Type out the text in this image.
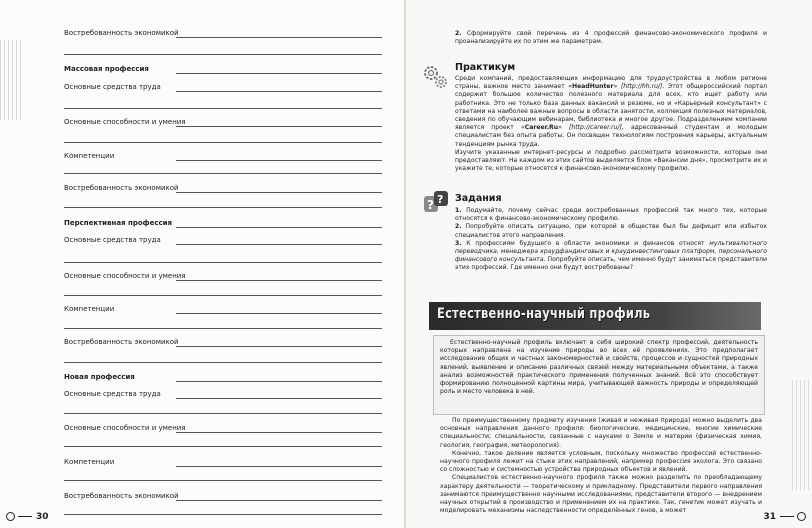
Востребованность экономикой
Массовая профессия
Основные средства труда
Основные способности и умения
Компетенции
Востребованность экономикой
Перспективная профессия
Основные средства труда
Основные способности и умения
Компетенции
Востребованность экономикой
Новая профессия
Основные средства труда
Основные способности и умения
Компетенции
Востребованность экономикой
30
2. Сформируйте свой перечень из 4 профессий финансово-экономического профиля и проанализируйте их по этим же параметрам.
Практикум
Среди компаний, предоставляющих информацию для трудоустройства в любом регионе страны, важное место занимает «HeadHunter» [http://hh.ru/]. Этот общероссийский портал содержит большое количество полезного материала для всех, кто ищет работу или работника. Это не только база данных вакансий и резюме, но и «Карьерный консультант» с ответами на наиболее важные вопросы в области занятости, коллекция полезных материалов, сведения по обучающим вебинарам, библиотека и многое другое. Подразделением компании является проект «Career.Ru» [http://career.ru/], адресованный студентам и молодым специалистам без опыта работы. Он посвящен технологиям построения карьеры, актуальным тенденциям рынка труда.
Изучите указанные интернет-ресурсы и подробно рассмотрите возможности, которые они предоставляют. На каждом из этих сайтов выделяется блок «Вакансии дня», просмотрите их и укажите те, которые относятся к финансово-экономическому профилю.
? ? Задания
1. Подумайте, почему сейчас среди востребованных профессий так много тех, которые относятся к финансово-экономическому профилю.
2. Попробуйте описать ситуацию, при которой в обществе был бы дефицит или избыток специалистов этого направления.
3. К профессиям будущего в области экономики и финансов относят мультивалютного переводчика, менеджера краудфандинговых и краудинвестинговых платформ, персонального финансового консультанта. Попробуйте описать, чем именно будут заниматься представители этих профессий. Где именно они будут востребованы?
Естественно-научный профиль
Естественно-научный профиль включает в себя широкий спектр профессий, деятельность которых направлена на изучение природы во всех её проявлениях. Это предполагает исследование общих и частных закономерностей и свойств, процессов и сущностей природных явлений, выявление и описание различных связей между материальными объектами, а также анализ возможностей практического применения полученных знаний. Всё это способствует формированию полноценной картины мира, учитывающей важность природы и определяющей роль и место человека в ней.
По преимущественному предмету изучения (живая и неживая природа) можно выделить два основных направления данного профиля: биологические, медицинские, многие химические специальности; специальности, связанные с науками о Земле и материи (физическая химия, геология, география, метеорология).
Конечно, такое деление является условным, поскольку множество профессий естественно-научного профиля лежит на стыке этих направлений, например профессия эколога. Это связано со сложностью и системностью устройства природных объектов и явлений.
Специалистов естественно-научного профиля также можно разделить по преобладающему характеру деятельности — теоретическому и прикладному. Представители первого направления занимаются преимущественно научными исследованиями, представители второго — внедрением научных открытий в производство и применением их на практике. Так, генетик может изучать и моделировать механизмы наследственности определённых генов, а может
31
